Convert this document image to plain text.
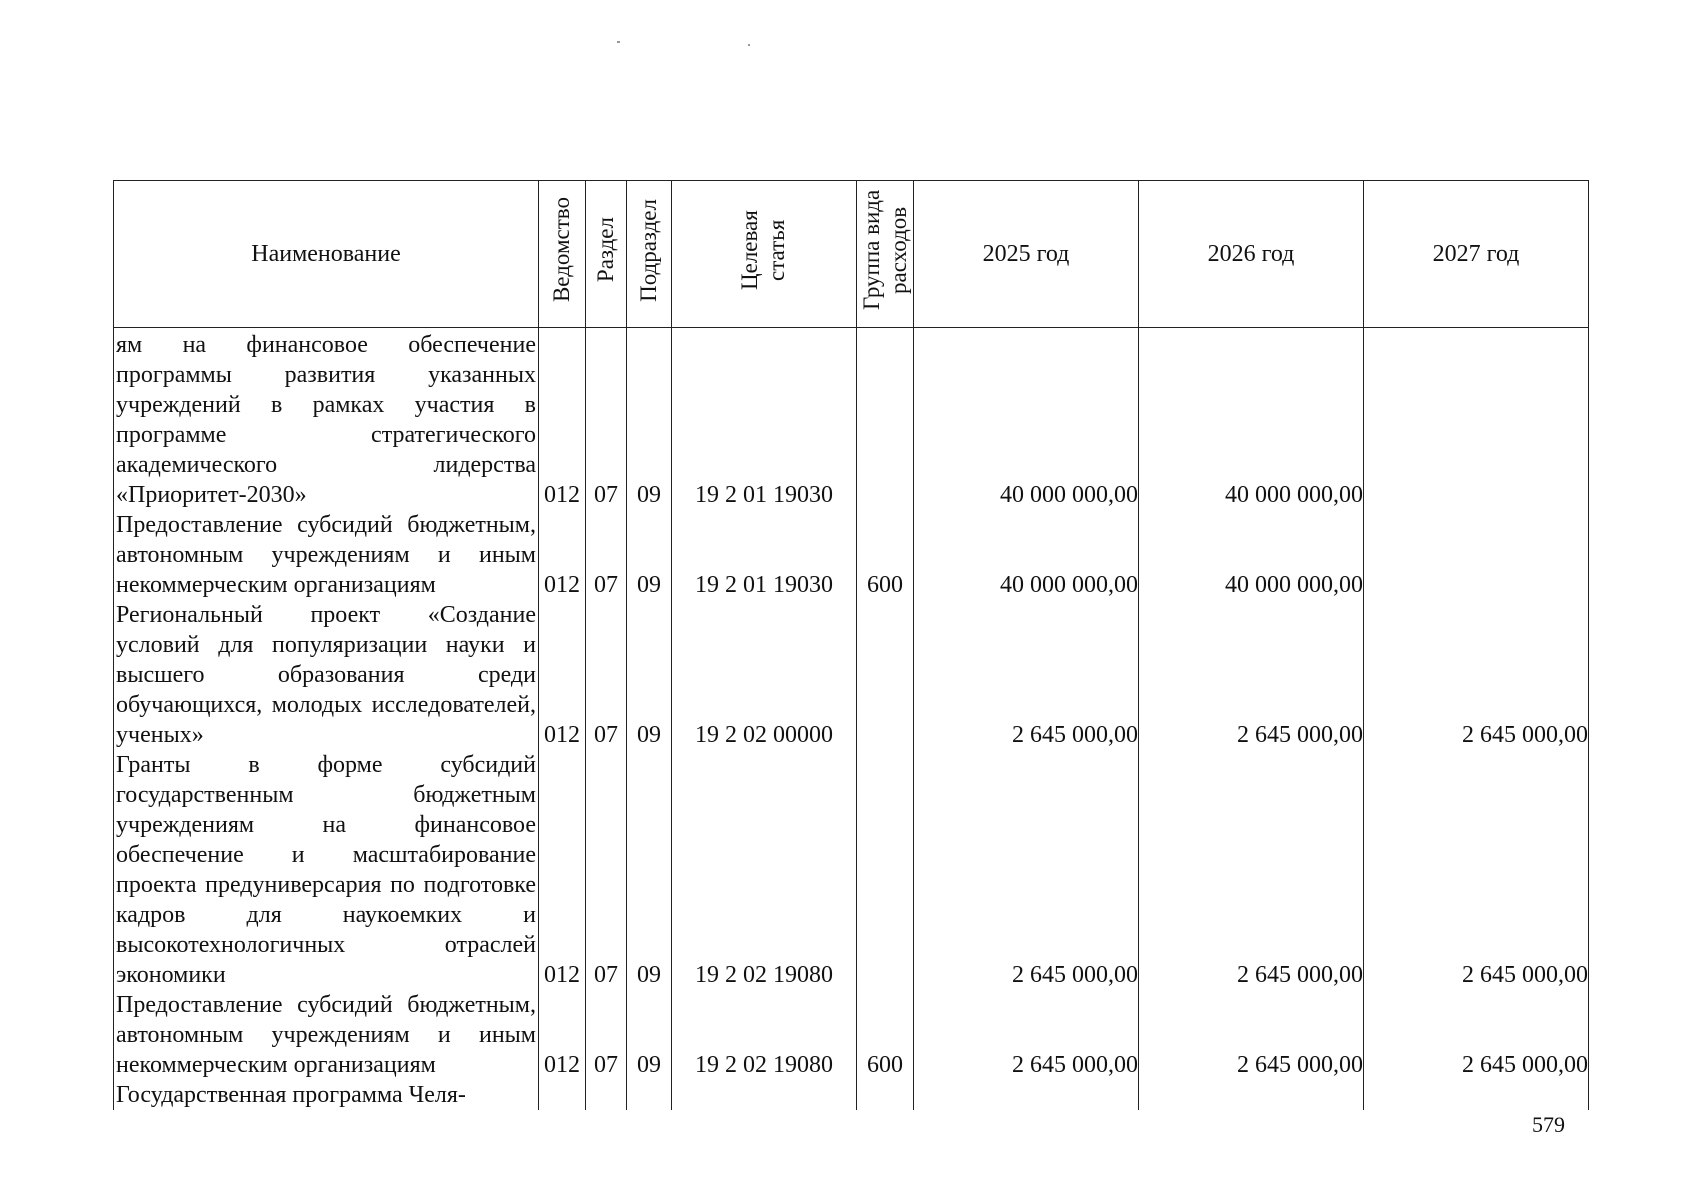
Наименование	Ведомство	Раздел	Подраздел	Целевая статья	Группа вида расходов	2025 год	2026 год	2027 год
ям на финансовое обеспечение программы развития указанных учреждений в рамках участия в программе стратегического академического лидерства «Приоритет-2030»	012	07	09	19 2 01 19030		40 000 000,00	40 000 000,00	
Предоставление субсидий бюджетным, автономным учреждениям и иным некоммерческим организациям	012	07	09	19 2 01 19030	600	40 000 000,00	40 000 000,00	
Региональный проект «Создание условий для популяризации науки и высшего образования среди обучающихся, молодых исследователей, ученых»	012	07	09	19 2 02 00000		2 645 000,00	2 645 000,00	2 645 000,00
Гранты в форме субсидий государственным бюджетным учреждениям на финансовое обеспечение и масштабирование проекта предуниверсария по подготовке кадров для наукоемких и высокотехнологичных отраслей экономики	012	07	09	19 2 02 19080		2 645 000,00	2 645 000,00	2 645 000,00
Предоставление субсидий бюджетным, автономным учреждениям и иным некоммерческим организациям	012	07	09	19 2 02 19080	600	2 645 000,00	2 645 000,00	2 645 000,00
Государственная программа Челя-								
579
